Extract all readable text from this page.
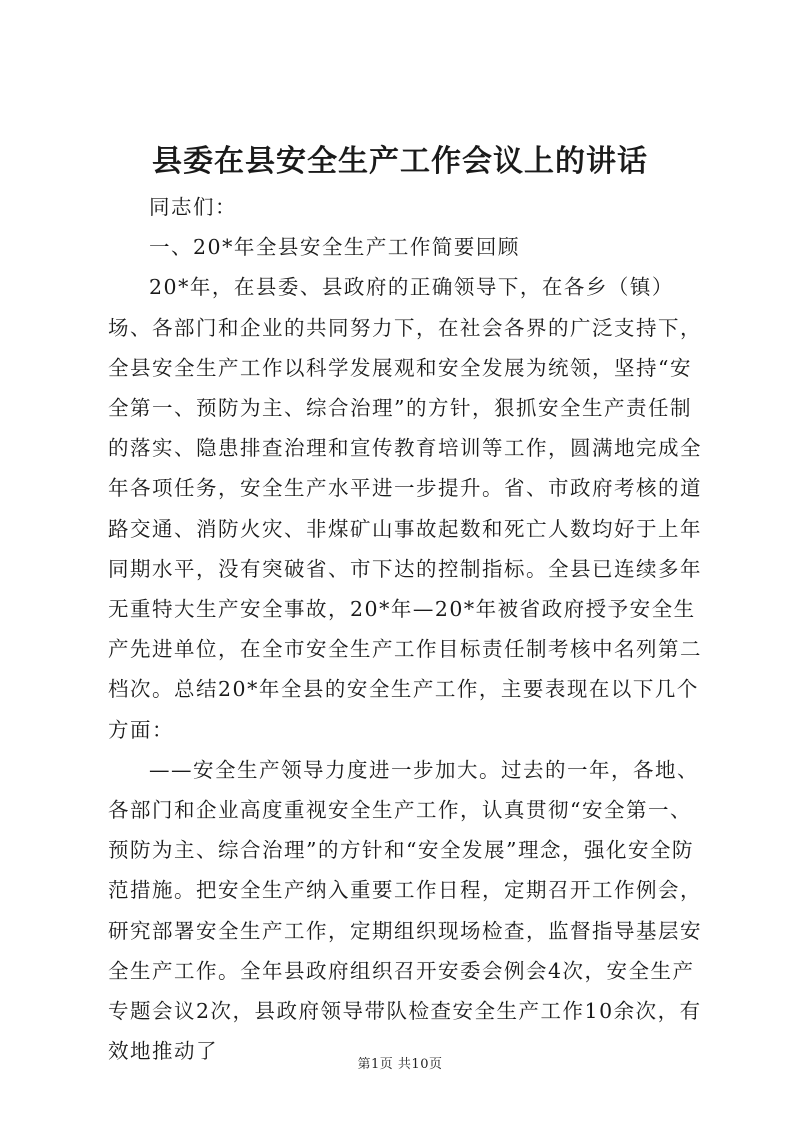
县委在县安全生产工作会议上的讲话

同志们：

一、20*年全县安全生产工作简要回顾

20*年，在县委、县政府的正确领导下，在各乡（镇）场、各部门和企业的共同努力下，在社会各界的广泛支持下，全县安全生产工作以科学发展观和安全发展为统领，坚持“安全第一、预防为主、综合治理”的方针，狠抓安全生产责任制的落实、隐患排查治理和宣传教育培训等工作，圆满地完成全年各项任务，安全生产水平进一步提升。省、市政府考核的道路交通、消防火灾、非煤矿山事故起数和死亡人数均好于上年同期水平，没有突破省、市下达的控制指标。全县已连续多年无重特大生产安全事故，20*年—20*年被省政府授予安全生产先进单位，在全市安全生产工作目标责任制考核中名列第二档次。总结20*年全县的安全生产工作，主要表现在以下几个方面：

——安全生产领导力度进一步加大。过去的一年，各地、各部门和企业高度重视安全生产工作，认真贯彻“安全第一、预防为主、综合治理”的方针和“安全发展”理念，强化安全防范措施。把安全生产纳入重要工作日程，定期召开工作例会，研究部署安全生产工作，定期组织现场检查，监督指导基层安全生产工作。全年县政府组织召开安委会例会4次，安全生产专题会议2次，县政府领导带队检查安全生产工作10余次，有效地推动了

第1页 共10页
